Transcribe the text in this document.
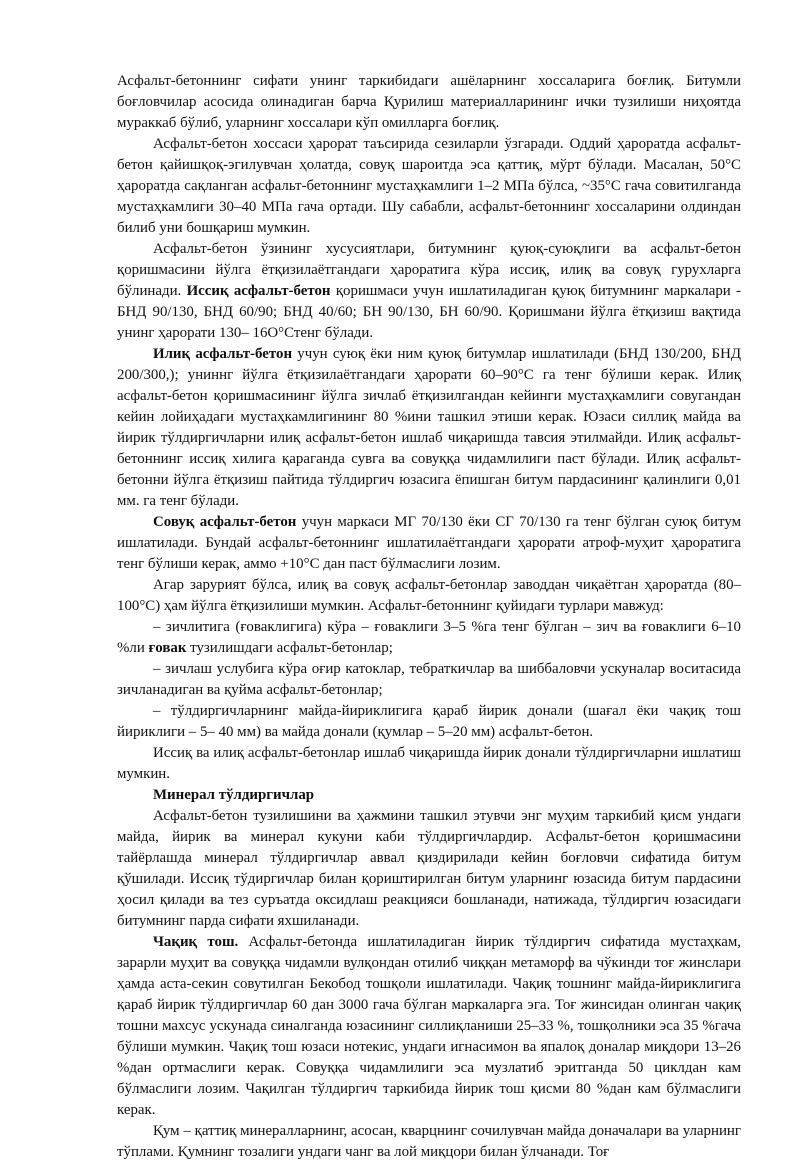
Асфальт-бетоннинг сифати унинг таркибидаги ашёларнинг хоссаларига боғлиқ. Битумли боғловчилар асосида олинадиган барча Қурилиш материалларининг ички тузилиши ниҳоятда мураккаб бўлиб, уларнинг хоссалари кўп омилларга боғлиқ.

Асфальт-бетон хоссаси ҳарорат таъсирида сезиларли ўзгаради. Оддий ҳароратда асфальт-бетон қайишқоқ-эгилувчан ҳолатда, совуқ шароитда эса қаттиқ, мўрт бўлади. Масалан, 50°С ҳароратда сақланган асфальт-бетоннинг мустаҳкамлиги 1–2 МПа бўлса, ~35°С гача совитилганда мустаҳкамлиги 30–40 МПа гача ортади. Шу сабабли, асфальт-бетоннинг хоссаларини олдиндан билиб уни бошқариш мумкин.

Асфальт-бетон ўзининг хусусиятлари, битумнинг қуюқ-суюқлиги ва асфальт-бетон қоришмасини йўлга ётқизилаётгандаги ҳароратига кўра иссиқ, илиқ ва совуқ гурухларга бўлинади. Иссиқ асфальт-бетон қоришмаси учун ишлатиладиган қуюқ битумнинг маркалари - БНД 90/130, БНД 60/90; БНД 40/60; БН 90/130, БН 60/90. Қоришмани йўлга ётқизиш вақтида унинг ҳарорати 130– 16O°Стенг бўлади.

Илиқ асфальт-бетон учун суюқ ёки ним қуюқ битумлар ишлатилади (БНД 130/200, БНД 200/300,); униннг йўлга ётқизилаётгандаги ҳарорати 60–90°С га тенг бўлиши керак. Илиқ асфальт-бетон қоришмасининг йўлга зичлаб ётқизилгандан кейинги мустаҳкамлиги совугандан кейин лойиҳадаги мустаҳкамлигининг 80 %ини ташкил этиши керак. Юзаси силлиқ майда ва йирик тўлдиргичларни илиқ асфальт-бетон ишлаб чиқаришда тавсия этилмайди. Илиқ асфальт-бетоннинг иссиқ хилига қараганда сувга ва совуққа чидамлилиги паст бўлади. Илиқ асфальт-бетонни йўлга ётқизиш пайтида тўлдиргич юзасига ёпишган битум пардасининг қалинлиги 0,01 мм. га тенг бўлади.

Совуқ асфальт-бетон учун маркаси МГ 70/130 ёки СГ 70/130 га тенг бўлган суюқ битум ишлатилади. Бундай асфальт-бетоннинг ишлатилаётгандаги ҳарорати атроф-муҳит ҳароратига тенг бўлиши керак, аммо +10°С дан паст бўлмаслиги лозим.

Агар зарурият бўлса, илиқ ва совуқ асфальт-бетонлар заводдан чиқаётган ҳароратда (80–100°С) ҳам йўлга ётқизилиши мумкин. Асфальт-бетоннинг қуйидаги турлари мавжуд:

– зичлитига (ғоваклигига) кўра – ғоваклиги 3–5 %га тенг бўлган – зич ва ғоваклиги 6–10 %ли ғовак тузилишдаги асфальт-бетонлар;

– зичлаш услубига кўра оғир катоклар, тебраткичлар ва шиббаловчи ускуналар воситасида зичланадиган ва қуйма асфальт-бетонлар;

– тўлдиргичларнинг майда-йириклигига қараб йирик донали (шағал ёки чақиқ тош йириклиги – 5– 40 мм) ва майда донали (қумлар – 5–20 мм) асфальт-бетон.

Иссиқ ва илиқ асфальт-бетонлар ишлаб чиқаришда йирик донали тўлдиргичларни ишлатиш мумкин.

Минерал тўлдиргичлар

Асфальт-бетон тузилишини ва ҳажмини ташкил этувчи энг муҳим таркибий қисм ундаги майда, йирик ва минерал кукуни каби тўлдиргичлардир. Асфальт-бетон қоришмасини тайёрлашда минерал тўлдиргичлар аввал қиздирилади кейин боғловчи сифатида битум қўшилади. Иссиқ тўдиргичлар билан қориштирилган битум уларнинг юзасида битум пардасини ҳосил қилади ва тез суръатда оксидлаш реакцияси бошланади, натижада, тўлдиргич юзасидаги битумнинг парда сифати яхшиланади.

Чақиқ тош. Асфальт-бетонда ишлатиладиган йирик тўлдиргич сифатида мустаҳкам, зарарли муҳит ва совуққа чидамли вулқондан отилиб чиққан метаморф ва чўкинди тоғ жинслари ҳамда аста-секин совутилган Бекобод тошқоли ишлатилади. Чақиқ тошнинг майда-йириклигига қараб йирик тўлдиргичлар 60 дан 3000 гача бўлган маркаларга эга. Тоғ жинсидан олинган чақиқ тошни махсус ускунада синалганда юзасининг силлиқланиши 25–33 %, тошқолники эса 35 %гача бўлиши мумкин. Чақиқ тош юзаси нотекис, ундаги игнасимон ва япалоқ доналар миқдори 13–26 %дан ортмаслиги керак. Совуққа чидамлилиги эса музлатиб эритганда 50 циклдан кам бўлмаслиги лозим. Чақилган тўлдиргич таркибида йирик тош қисми 80 %дан кам бўлмаслиги керак.

Қум – қаттиқ минералларнинг, асосан, кварцнинг сочилувчан майда доначалари ва уларнинг тўплами. Қумнинг тозалиги ундаги чанг ва лой миқцори билан ўлчанади. Тоғ
